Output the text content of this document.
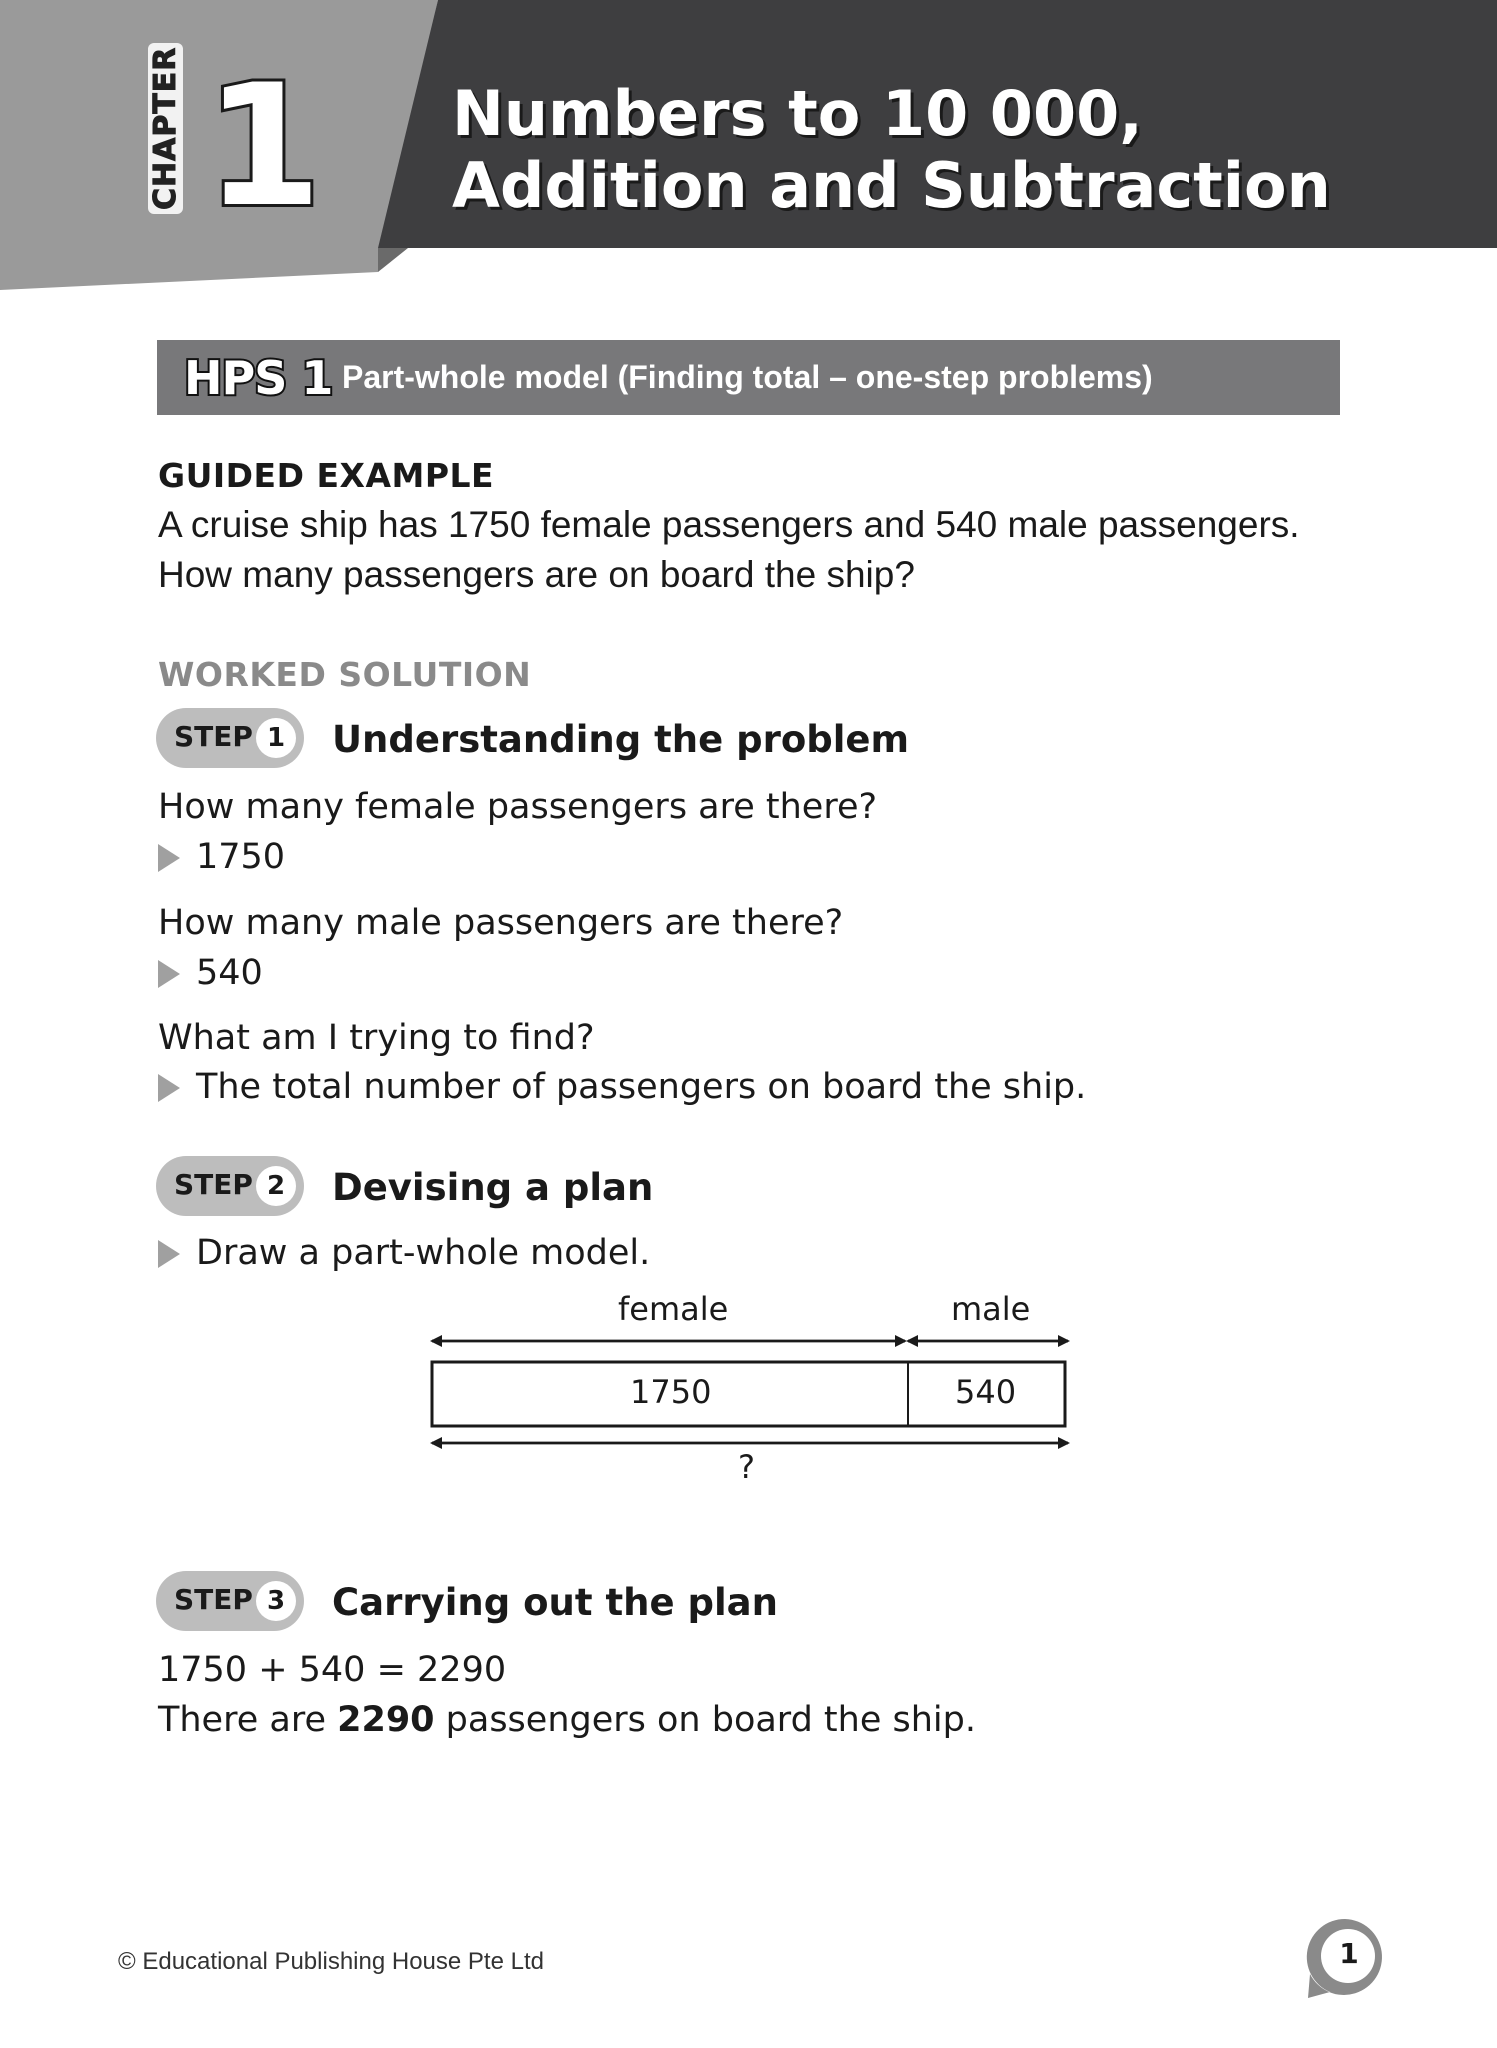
CHAPTER 1 Numbers to 10 000,
Addition and Subtraction
HPS 1 Part-whole model (Finding total – one-step problems)
GUIDED EXAMPLE
A cruise ship has 1750 female passengers and 540 male passengers.
How many passengers are on board the ship?
WORKED SOLUTION
STEP 1 Understanding the problem
How many female passengers are there?
1750
How many male passengers are there?
540
What am I trying to find?
The total number of passengers on board the ship.
STEP 2 Devising a plan
Draw a part-whole model.
female	male
1750	540
?
STEP 3 Carrying out the plan
1750 + 540 = 2290
There are 2290 passengers on board the ship.
© Educational Publishing House Pte Ltd	1
